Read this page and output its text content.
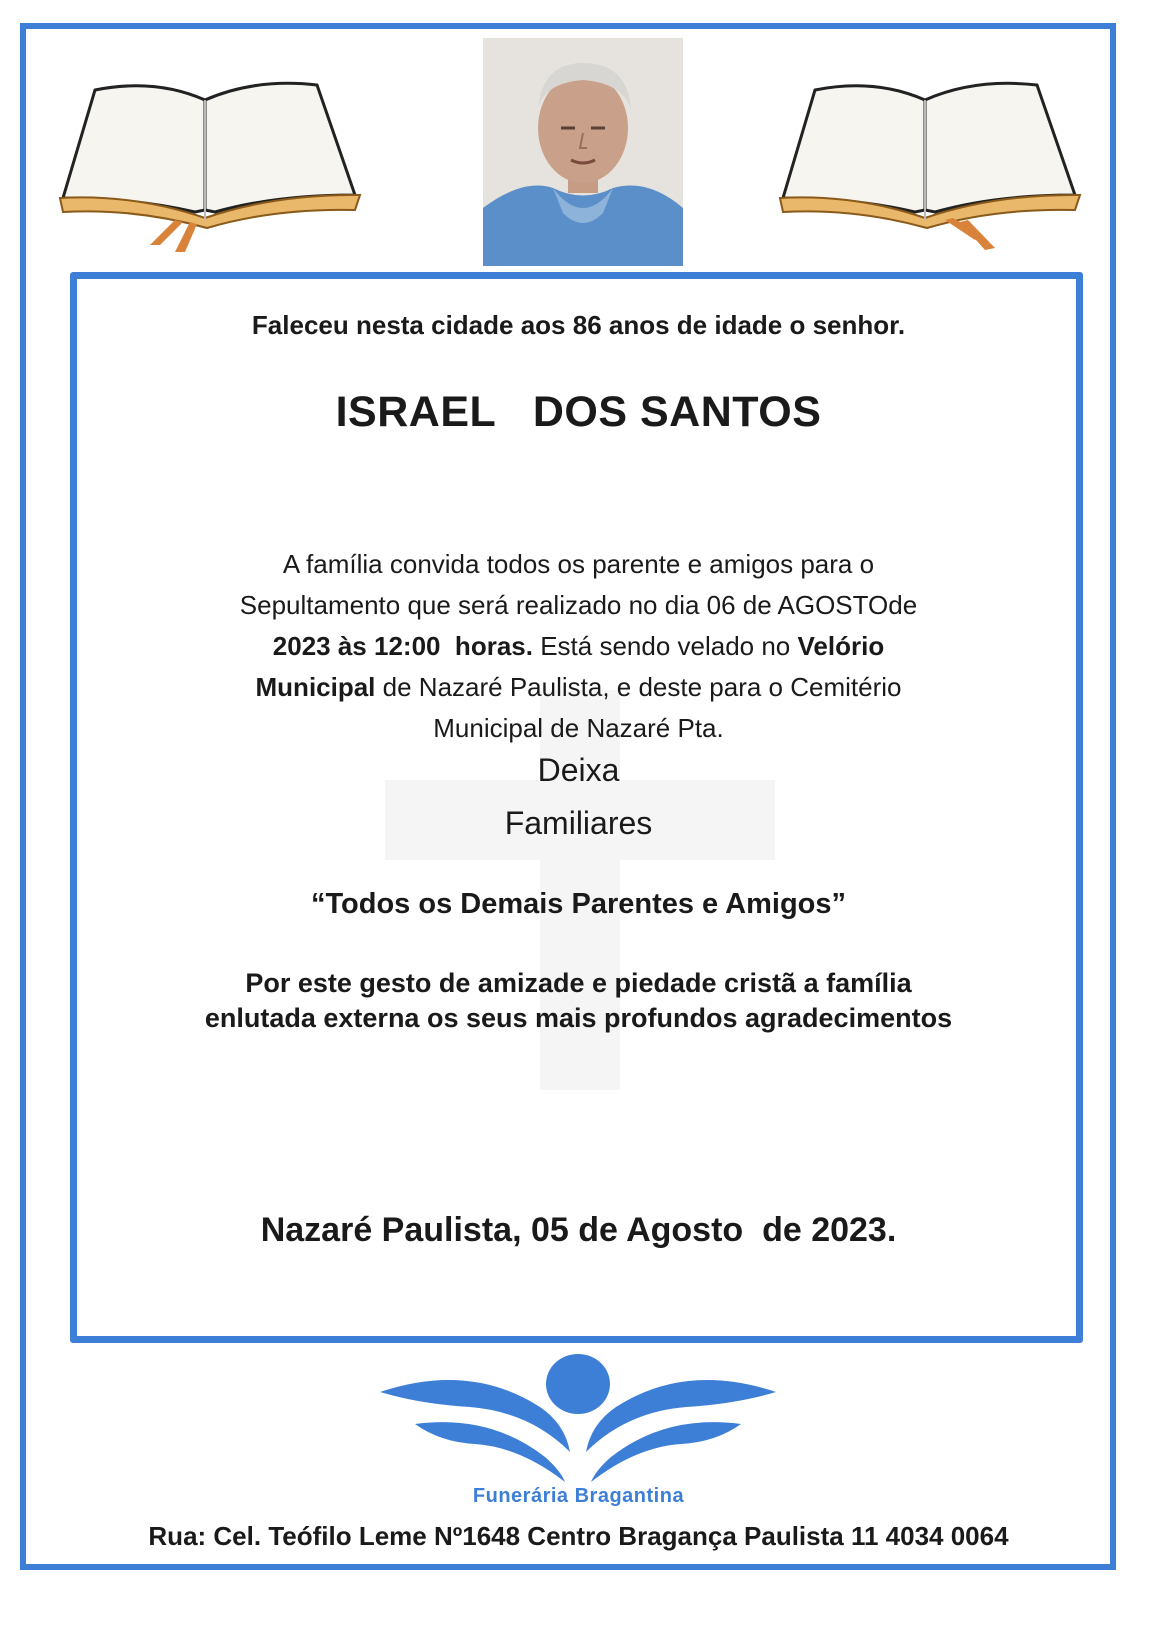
Faleceu nesta cidade aos 86 anos de idade o senhor.
ISRAEL   DOS SANTOS
A família convida todos os parente e amigos para o
Sepultamento que será realizado no dia 06 de AGOSTOde
2023 às 12:00  horas. Está sendo velado no Velório
Municipal de Nazaré Paulista, e deste para o Cemitério
Municipal de Nazaré Pta.
Deixa
Familiares
“Todos os Demais Parentes e Amigos”
Por este gesto de amizade e piedade cristã a família
enlutada externa os seus mais profundos agradecimentos
Nazaré Paulista, 05 de Agosto  de 2023.
Funerária Bragantina
Rua: Cel. Teófilo Leme Nº1648 Centro Bragança Paulista 11 4034 0064
